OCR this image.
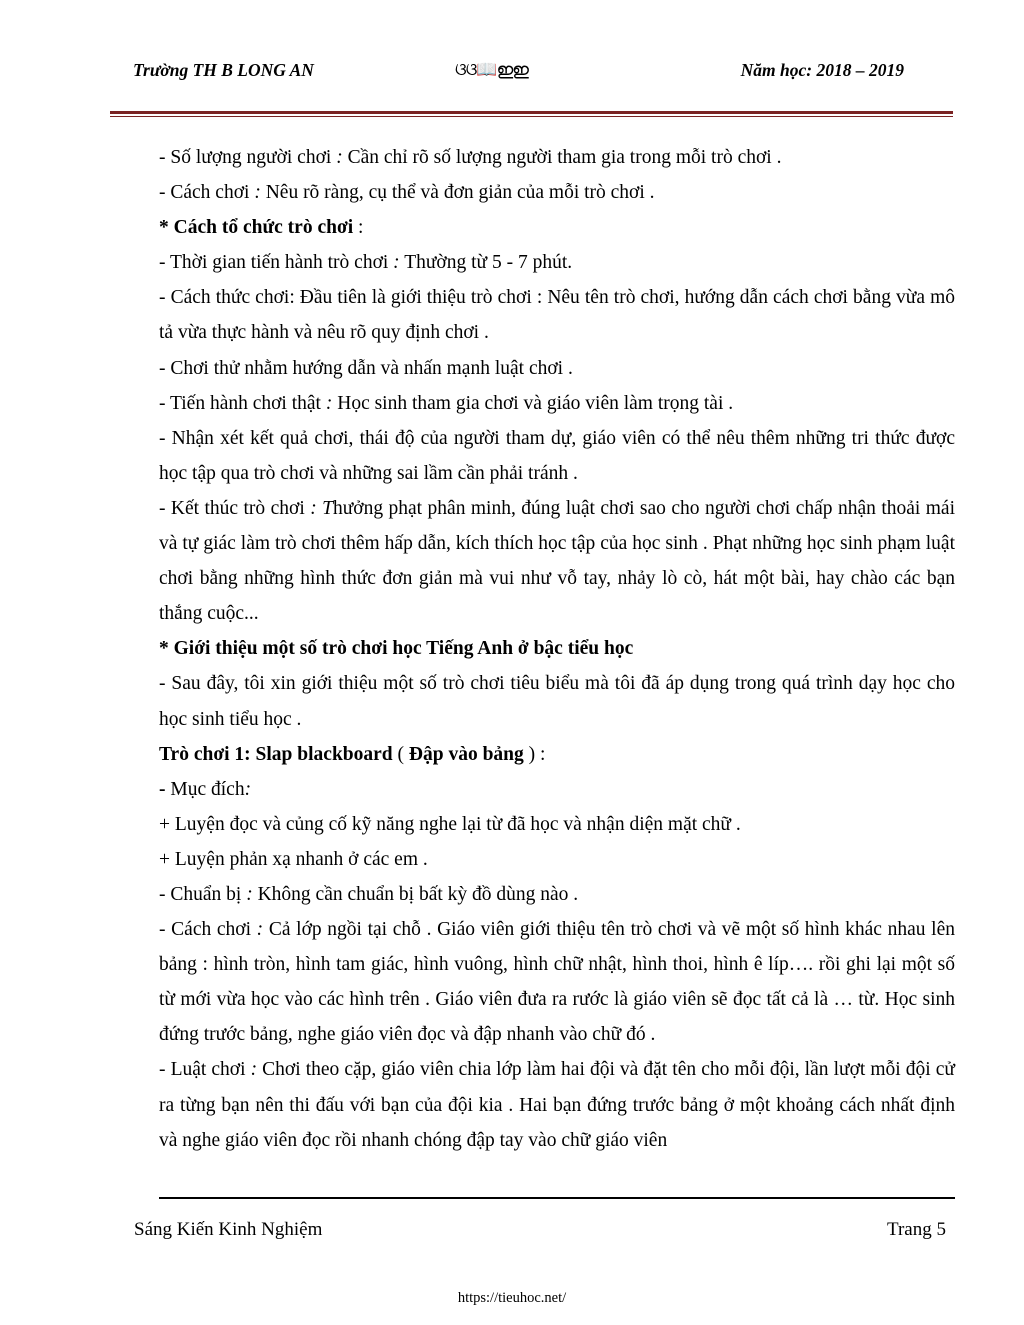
Trường TH B LONG AN	ଓଓ📖ഇഇ	Năm học: 2018 – 2019

- Số lượng người chơi : Cần chỉ rõ số lượng người tham gia trong mỗi trò chơi .

- Cách chơi : Nêu rõ ràng, cụ thể và đơn giản của mỗi trò chơi .

* Cách tổ chức trò chơi :

- Thời gian tiến hành trò chơi : Thường từ 5 - 7 phút.

- Cách thức chơi: Đầu tiên là giới thiệu trò chơi : Nêu tên trò chơi, hướng dẫn cách chơi bằng vừa mô tả vừa thực hành và nêu rõ quy định chơi .

- Chơi thử nhằm hướng dẫn và nhấn mạnh luật chơi .

- Tiến hành chơi thật : Học sinh tham gia chơi và giáo viên làm trọng tài .

- Nhận xét kết quả chơi, thái độ của người tham dự, giáo viên có thể nêu thêm những tri thức được học tập qua trò chơi và những sai lầm cần phải tránh .

- Kết thúc trò chơi : Thưởng phạt phân minh, đúng luật chơi sao cho người chơi chấp nhận thoải mái và tự giác làm trò chơi thêm hấp dẫn, kích thích học tập của học sinh . Phạt những học sinh phạm luật chơi bằng những hình thức đơn giản mà vui như vỗ tay, nhảy lò cò, hát một bài, hay chào các bạn thắng cuộc...

* Giới thiệu một số trò chơi học Tiếng Anh ở bậc tiểu học

- Sau đây, tôi xin giới thiệu một số trò chơi tiêu biểu mà tôi đã áp dụng trong quá trình dạy học cho học sinh tiểu học .

Trò chơi 1: Slap blackboard ( Đập vào bảng ) :

- Mục đích:

+ Luyện đọc và củng cố kỹ năng nghe lại từ đã học và nhận diện mặt chữ .

+ Luyện phản xạ nhanh ở các em .

- Chuẩn bị : Không cần chuẩn bị bất kỳ đồ dùng nào .

- Cách chơi : Cả lớp ngồi tại chỗ . Giáo viên giới thiệu tên trò chơi và vẽ một số hình khác nhau lên bảng : hình tròn, hình tam giác, hình vuông, hình chữ nhật, hình thoi, hình ê líp…. rồi ghi lại một số từ mới vừa học vào các hình trên . Giáo viên đưa ra rước là giáo viên sẽ đọc tất cả là … từ. Học sinh đứng trước bảng, nghe giáo viên đọc và đập nhanh vào chữ đó .

- Luật chơi : Chơi theo cặp, giáo viên chia lớp làm hai đội và đặt tên cho mỗi đội, lần lượt mỗi đội cử ra từng bạn nên thi đấu với bạn của đội kia . Hai bạn đứng trước bảng ở một khoảng cách nhất định và nghe giáo viên đọc rồi nhanh chóng đập tay vào chữ giáo viên

Sáng Kiến Kinh Nghiệm	Trang 5
https://tieuhoc.net/
